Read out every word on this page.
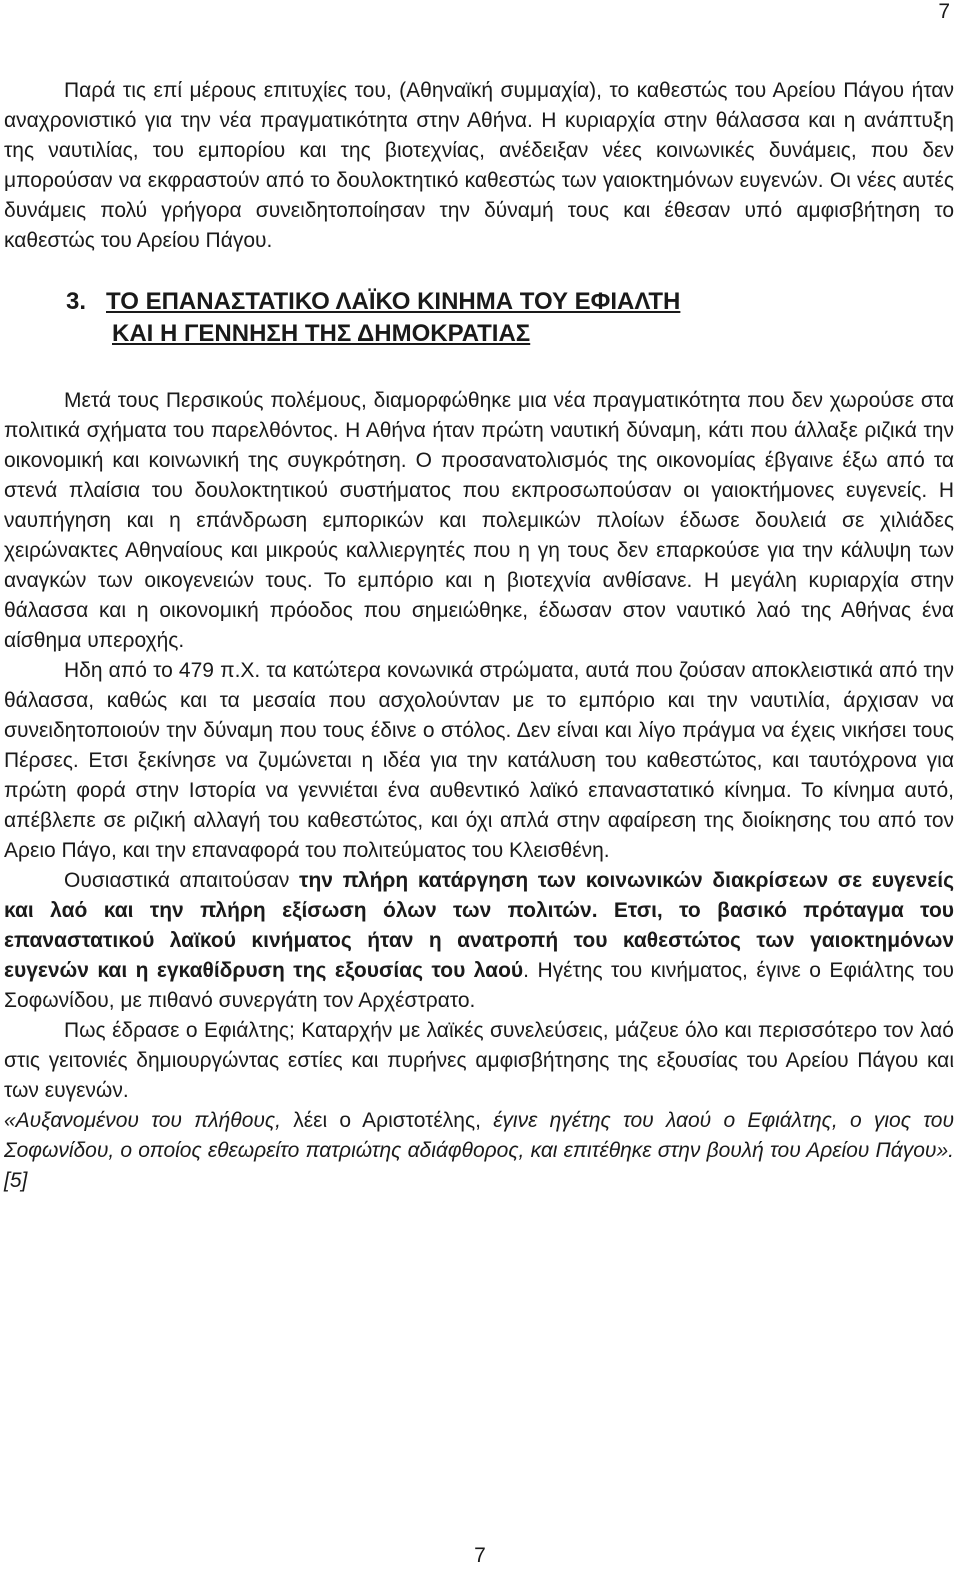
7

Παρά τις επί μέρους επιτυχίες του, (Αθηναϊκή συμμαχία), το καθεστώς του Αρείου Πάγου ήταν αναχρονιστικό για την νέα πραγματικότητα στην Αθήνα. Η κυριαρχία στην θάλασσα και η ανάπτυξη της ναυτιλίας, του εμπορίου και της βιοτεχνίας, ανέδειξαν νέες κοινωνικές δυνάμεις, που δεν μπορούσαν να εκφραστούν από το δουλοκτητικό καθεστώς των γαιοκτημόνων ευγενών. Οι νέες αυτές δυνάμεις πολύ γρήγορα συνειδητοποίησαν την δύναμή τους και έθεσαν υπό αμφισβήτηση το καθεστώς του Αρείου Πάγου.

3. ΤΟ ΕΠΑΝΑΣΤΑΤΙΚΟ ΛΑΪΚΟ ΚΙΝΗΜΑ ΤΟΥ ΕΦΙΑΛΤΗ
ΚΑΙ Η ΓΕΝΝΗΣΗ ΤΗΣ ΔΗΜΟΚΡΑΤΙΑΣ

Μετά τους Περσικούς πολέμους, διαμορφώθηκε μια νέα πραγματικότητα που δεν χωρούσε στα πολιτικά σχήματα του παρελθόντος. Η Αθήνα ήταν πρώτη ναυτική δύναμη, κάτι που άλλαξε ριζικά την οικονομική και κοινωνική της συγκρότηση. Ο προσανατολισμός της οικονομίας έβγαινε έξω από τα στενά πλαίσια του δουλοκτητικού συστήματος που εκπροσωπούσαν οι γαιοκτήμονες ευγενείς. Η ναυπήγηση και η επάνδρωση εμπορικών και πολεμικών πλοίων έδωσε δουλειά σε χιλιάδες χειρώνακτες Αθηναίους και μικρούς καλλιεργητές που η γη τους δεν επαρκούσε για την κάλυψη των αναγκών των οικογενειών τους. Το εμπόριο και η βιοτεχνία ανθίσανε. Η μεγάλη κυριαρχία στην θάλασσα και η οικονομική πρόοδος που σημειώθηκε, έδωσαν στον ναυτικό λαό της Αθήνας ένα αίσθημα υπεροχής.

Ηδη από το 479 π.Χ. τα κατώτερα κονωνικά στρώματα, αυτά που ζούσαν αποκλειστικά από την θάλασσα, καθώς και τα μεσαία που ασχολούνταν με το εμπόριο και την ναυτιλία, άρχισαν να συνειδητοποιούν την δύναμη που τους έδινε ο στόλος. Δεν είναι και λίγο πράγμα να έχεις νικήσει τους Πέρσες. Ετσι ξεκίνησε να ζυμώνεται η ιδέα για την κατάλυση του καθεστώτος, και ταυτόχρονα για πρώτη φορά στην Ιστορία να γεννιέται ένα αυθεντικό λαϊκό επαναστατικό κίνημα. Το κίνημα αυτό, απέβλεπε σε ριζική αλλαγή του καθεστώτος, και όχι απλά στην αφαίρεση της διοίκησης του από τον Αρειο Πάγο, και την επαναφορά του πολιτεύματος του Κλεισθένη.

Ουσιαστικά απαιτούσαν την πλήρη κατάργηση των κοινωνικών διακρίσεων σε ευγενείς και λαό και την πλήρη εξίσωση όλων των πολιτών. Ετσι, το βασικό πρόταγμα του επαναστατικού λαϊκού κινήματος ήταν η ανατροπή του καθεστώτος των γαιοκτημόνων ευγενών και η εγκαθίδρυση της εξουσίας του λαού. Ηγέτης του κινήματος, έγινε ο Εφιάλτης του Σοφωνίδου, με πιθανό συνεργάτη τον Αρχέστρατο.

Πως έδρασε ο Εφιάλτης; Καταρχήν με λαϊκές συνελεύσεις, μάζευε όλο και περισσότερο τον λαό στις γειτονιές δημιουργώντας εστίες και πυρήνες αμφισβήτησης της εξουσίας του Αρείου Πάγου και των ευγενών.

«Αυξανομένου του πλήθους, λέει ο Αριστοτέλης, έγινε ηγέτης του λαού ο Εφιάλτης, ο γιος του Σοφωνίδου, ο οποίος εθεωρείτο πατριώτης αδιάφθορος, και επιτέθηκε στην βουλή του Αρείου Πάγου». [5]

7
